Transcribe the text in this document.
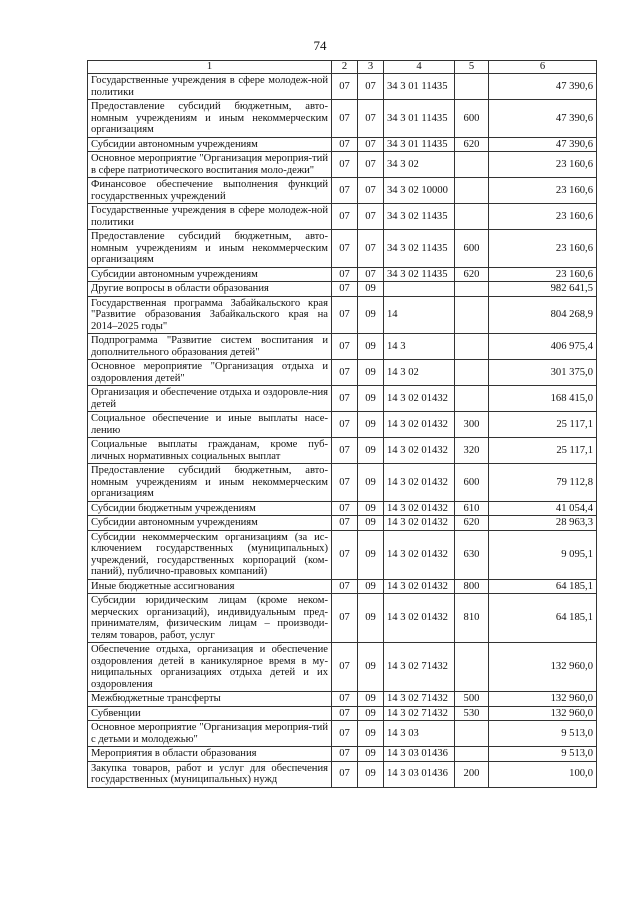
74
1	2	3	4	5	6
Государственные учреждения в сфере молодеж-ной политики	07	07	34 3 01 11435		47 390,6
Предоставление субсидий бюджетным, авто-номным учреждениям и иным некоммерческим организациям	07	07	34 3 01 11435	600	47 390,6
Субсидии автономным учреждениям	07	07	34 3 01 11435	620	47 390,6
Основное мероприятие "Организация мероприя-тий в сфере патриотического воспитания моло-дежи"	07	07	34 3 02		23 160,6
Финансовое обеспечение выполнения функций государственных учреждений	07	07	34 3 02 10000		23 160,6
Государственные учреждения в сфере молодеж-ной политики	07	07	34 3 02 11435		23 160,6
Предоставление субсидий бюджетным, авто-номным учреждениям и иным некоммерческим организациям	07	07	34 3 02 11435	600	23 160,6
Субсидии автономным учреждениям	07	07	34 3 02 11435	620	23 160,6
Другие вопросы в области образования	07	09			982 641,5
Государственная программа Забайкальского края "Развитие образования Забайкальского края на 2014–2025 годы"	07	09	14		804 268,9
Подпрограмма "Развитие систем воспитания и дополнительного образования детей"	07	09	14 3		406 975,4
Основное мероприятие "Организация отдыха и оздоровления детей"	07	09	14 3 02		301 375,0
Организация и обеспечение отдыха и оздоровле-ния детей	07	09	14 3 02 01432		168 415,0
Социальное обеспечение и иные выплаты насе-лению	07	09	14 3 02 01432	300	25 117,1
Социальные выплаты гражданам, кроме пуб-личных нормативных социальных выплат	07	09	14 3 02 01432	320	25 117,1
Предоставление субсидий бюджетным, авто-номным учреждениям и иным некоммерческим организациям	07	09	14 3 02 01432	600	79 112,8
Субсидии бюджетным учреждениям	07	09	14 3 02 01432	610	41 054,4
Субсидии автономным учреждениям	07	09	14 3 02 01432	620	28 963,3
Субсидии некоммерческим организациям (за ис-ключением государственных (муниципальных) учреждений, государственных корпораций (ком-паний), публично-правовых компаний)	07	09	14 3 02 01432	630	9 095,1
Иные бюджетные ассигнования	07	09	14 3 02 01432	800	64 185,1
Субсидии юридическим лицам (кроме неком-мерческих организаций), индивидуальным пред-принимателям, физическим лицам – производи-телям товаров, работ, услуг	07	09	14 3 02 01432	810	64 185,1
Обеспечение отдыха, организация и обеспечение оздоровления детей в каникулярное время в му-ниципальных организациях отдыха детей и их оздоровления	07	09	14 3 02 71432		132 960,0
Межбюджетные трансферты	07	09	14 3 02 71432	500	132 960,0
Субвенции	07	09	14 3 02 71432	530	132 960,0
Основное мероприятие "Организация мероприя-тий с детьми и молодежью"	07	09	14 3 03		9 513,0
Мероприятия в области образования	07	09	14 3 03 01436		9 513,0
Закупка товаров, работ и услуг для обеспечения государственных (муниципальных) нужд	07	09	14 3 03 01436	200	100,0
